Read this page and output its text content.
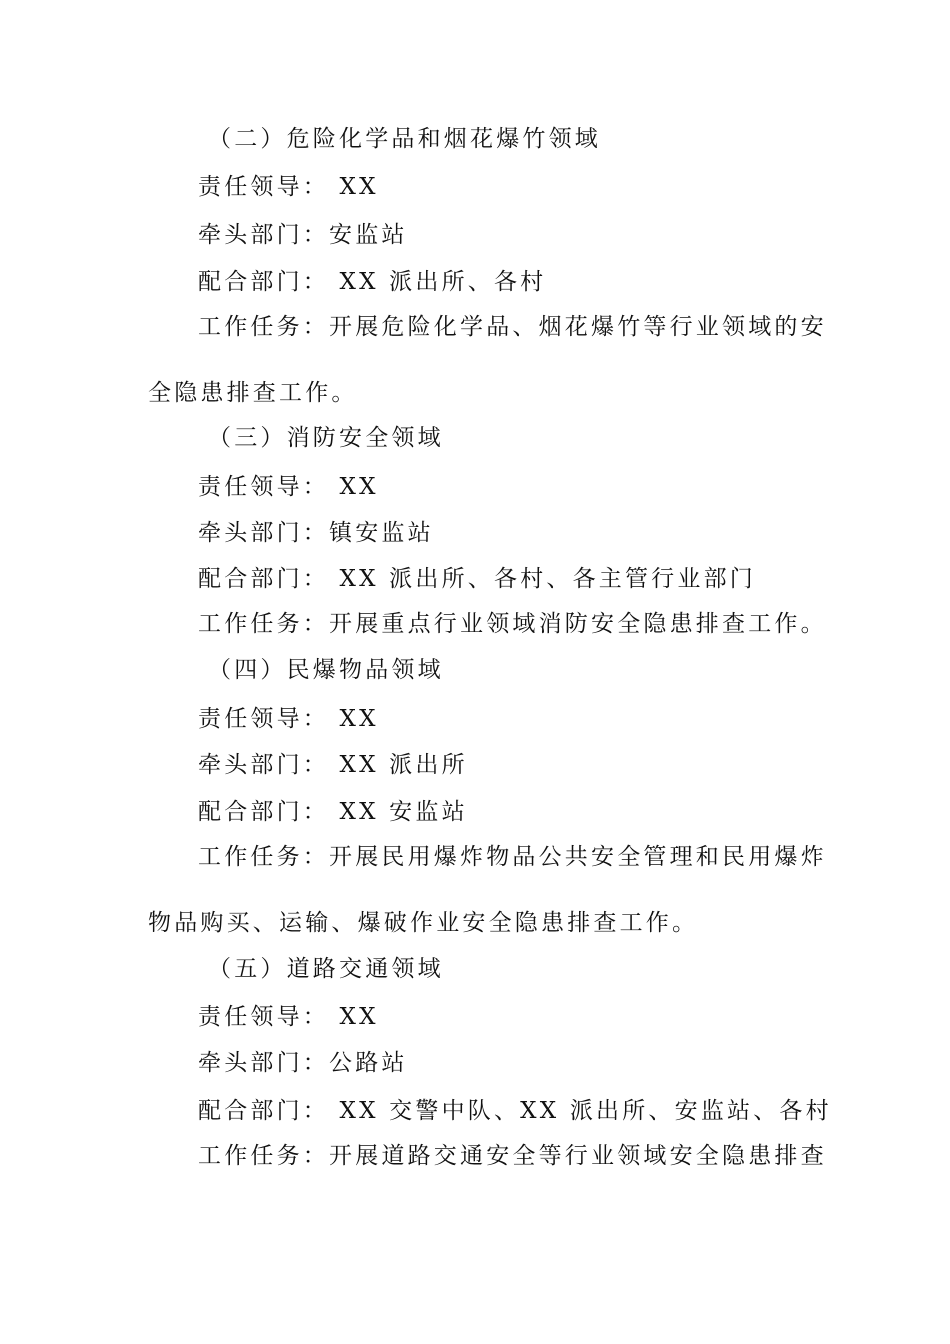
（二）危险化学品和烟花爆竹领域
责任领导： XX
牵头部门：安监站
配合部门： XX 派出所、各村
工作任务：开展危险化学品、烟花爆竹等行业领域的安
全隐患排查工作。
（三）消防安全领域
责任领导： XX
牵头部门：镇安监站
配合部门： XX 派出所、各村、各主管行业部门
工作任务：开展重点行业领域消防安全隐患排查工作。
（四）民爆物品领域
责任领导： XX
牵头部门： XX 派出所
配合部门： XX 安监站
工作任务：开展民用爆炸物品公共安全管理和民用爆炸
物品购买、运输、爆破作业安全隐患排查工作。
（五）道路交通领域
责任领导： XX
牵头部门：公路站
配合部门： XX 交警中队、XX 派出所、安监站、各村
工作任务：开展道路交通安全等行业领域安全隐患排查
